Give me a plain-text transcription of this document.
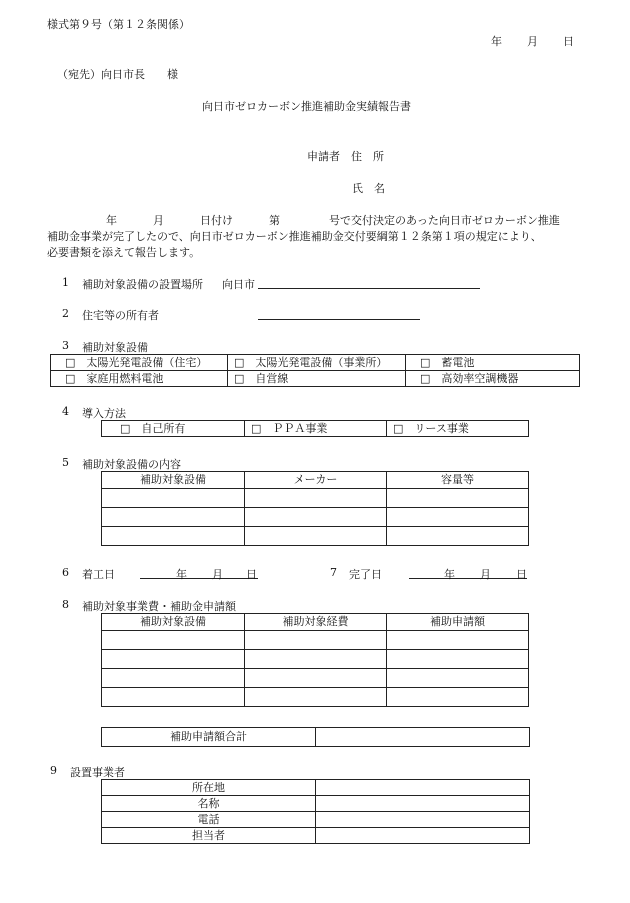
様式第９号（第１２条関係）
年 月 日
（宛先）向日市長　　様
向日市ゼロカーボン推進補助金実績報告書
申請者　住　所
氏　名
年	月	日付け	第	号で交付決定のあった向日市ゼロカーボン推進
補助金事業が完了したので、向日市ゼロカーボン推進補助金交付要綱第１２条第１項の規定により、
必要書類を添えて報告します。
1 補助対象設備の設置場所 向日市
2 住宅等の所有者
3 補助対象設備
□　太陽光発電設備（住宅）	□　太陽光発電設備（事業所）	□　蓄電池
□　家庭用燃料電池	□　自営線	□　高効率空調機器
4 導入方法
□　自己所有	□　ＰＰＡ事業	□　リース事業
5 補助対象設備の内容
補助対象設備	メーカー	容量等

6 着工日	年 月 日	7 完了日	年 月 日
8 補助対象事業費・補助金申請額
補助対象設備	補助対象経費	補助申請額

補助申請額合計	
9 設置事業者
所在地	
名称	
電話	
担当者	
